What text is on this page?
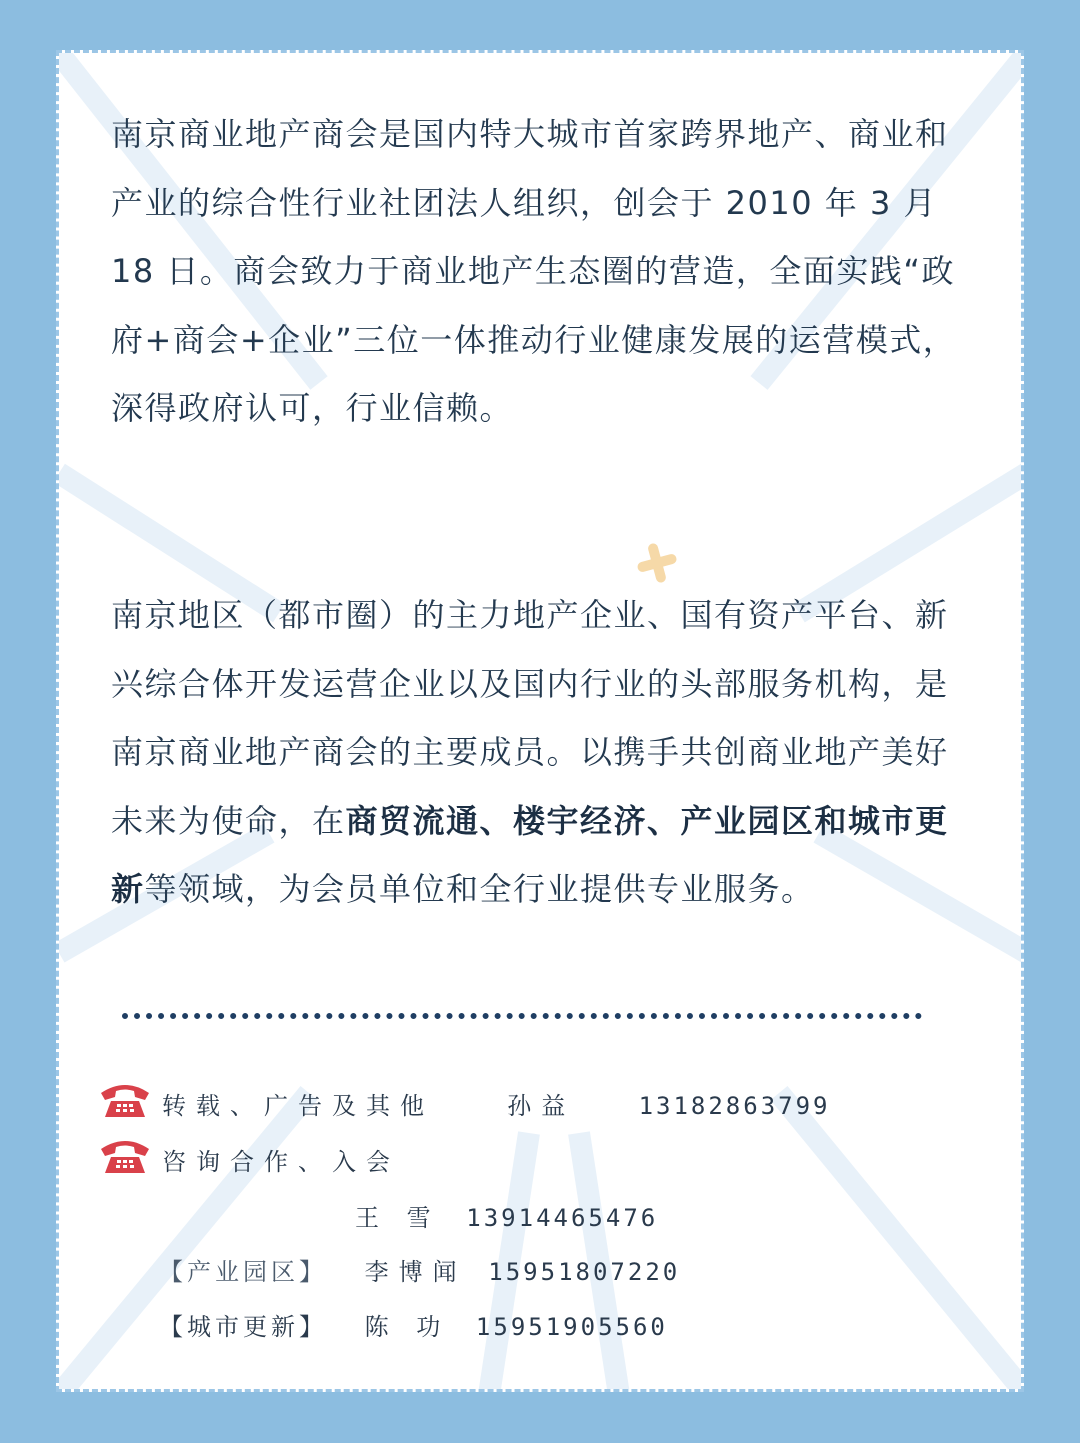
南京商业地产商会是国内特大城市首家跨界地产、商业和产业的综合性行业社团法人组织，创会于 2010 年 3 月 18 日。商会致力于商业地产生态圈的营造，全面实践“政府+商会+企业”三位一体推动行业健康发展的运营模式，深得政府认可，行业信赖。

南京地区（都市圈）的主力地产企业、国有资产平台、新兴综合体开发运营企业以及国内行业的头部服务机构，是南京商业地产商会的主要成员。以携手共创商业地产美好未来为使命，在商贸流通、楼宇经济、产业园区和城市更新等领域，为会员单位和全行业提供专业服务。

转载、广告及其他	孙益	13182863799
咨询合作、入会
王 雪 13914465476
【产业园区】 李博闻 15951807220
【城市更新】 陈 功 15951905560
